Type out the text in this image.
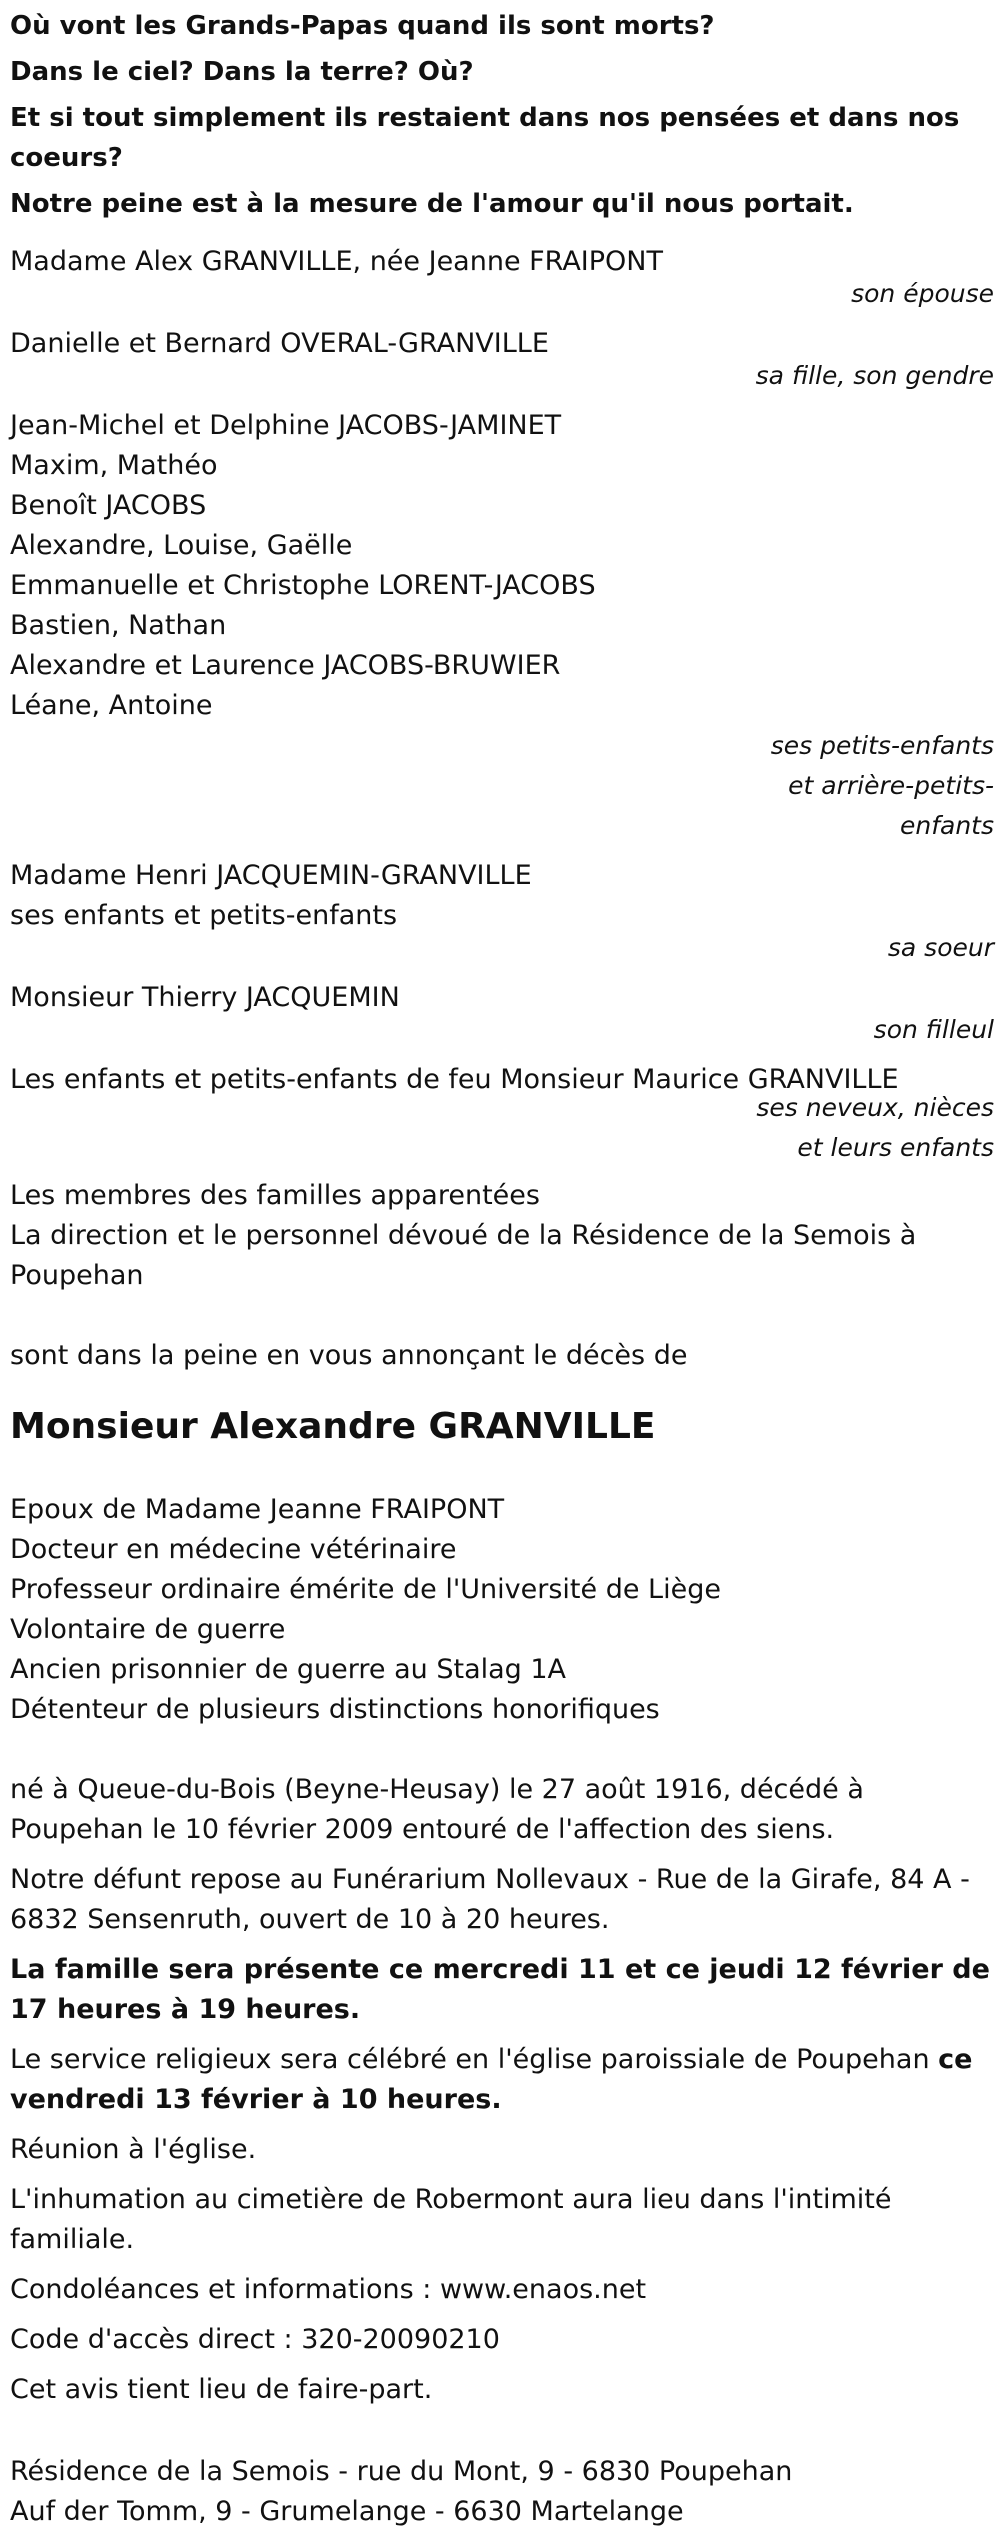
Où vont les Grands-Papas quand ils sont morts?

Dans le ciel? Dans la terre? Où?

Et si tout simplement ils restaient dans nos pensées et dans nos coeurs?

Notre peine est à la mesure de l'amour qu'il nous portait.

Madame Alex GRANVILLE, née Jeanne FRAIPONT
son épouse
Danielle et Bernard OVERAL-GRANVILLE
sa fille, son gendre
Jean-Michel et Delphine JACOBS-JAMINET
Maxim, Mathéo
Benoît JACOBS
Alexandre, Louise, Gaëlle
Emmanuelle et Christophe LORENT-JACOBS
Bastien, Nathan
Alexandre et Laurence JACOBS-BRUWIER
Léane, Antoine
ses petits-enfants
et arrière-petits-
enfants
Madame Henri JACQUEMIN-GRANVILLE
ses enfants et petits-enfants
sa soeur
Monsieur Thierry JACQUEMIN
son filleul
Les enfants et petits-enfants de feu Monsieur Maurice GRANVILLE
ses neveux, nièces
et leurs enfants
Les membres des familles apparentées
La direction et le personnel dévoué de la Résidence de la Semois à Poupehan

sont dans la peine en vous annonçant le décès de

Monsieur Alexandre GRANVILLE
Epoux de Madame Jeanne FRAIPONT
Docteur en médecine vétérinaire
Professeur ordinaire émérite de l'Université de Liège
Volontaire de guerre
Ancien prisonnier de guerre au Stalag 1A
Détenteur de plusieurs distinctions honorifiques

né à Queue-du-Bois (Beyne-Heusay) le 27 août 1916, décédé à Poupehan le 10 février 2009 entouré de l'affection des siens.

Notre défunt repose au Funérarium Nollevaux - Rue de la Girafe, 84 A - 6832 Sensenruth, ouvert de 10 à 20 heures.

La famille sera présente ce mercredi 11 et ce jeudi 12 février de 17 heures à 19 heures.

Le service religieux sera célébré en l'église paroissiale de Poupehan ce vendredi 13 février à 10 heures.

Réunion à l'église.

L'inhumation au cimetière de Robermont aura lieu dans l'intimité familiale.

Condoléances et informations : www.enaos.net

Code d'accès direct : 320-20090210

Cet avis tient lieu de faire-part.

Résidence de la Semois - rue du Mont, 9 - 6830 Poupehan
Auf der Tomm, 9 - Grumelange - 6630 Martelange
